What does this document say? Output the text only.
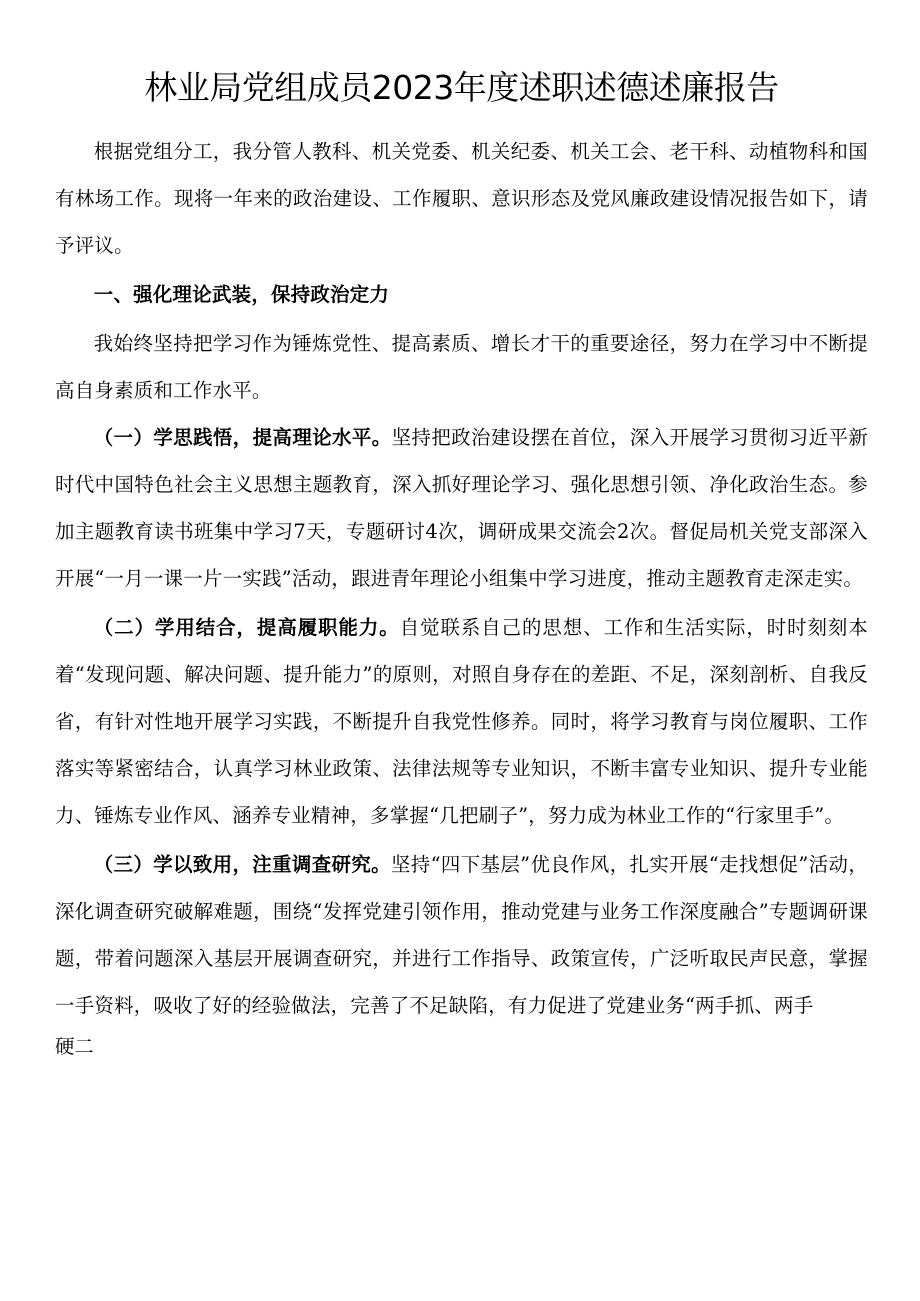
林业局党组成员2023年度述职述德述廉报告

根据党组分工，我分管人教科、机关党委、机关纪委、机关工会、老干科、动植物科和国有林场工作。现将一年来的政治建设、工作履职、意识形态及党风廉政建设情况报告如下，请予评议。

一、强化理论武装，保持政治定力

我始终坚持把学习作为锤炼党性、提高素质、增长才干的重要途径，努力在学习中不断提高自身素质和工作水平。

（一）学思践悟，提高理论水平。坚持把政治建设摆在首位，深入开展学习贯彻习近平新时代中国特色社会主义思想主题教育，深入抓好理论学习、强化思想引领、净化政治生态。参加主题教育读书班集中学习7天，专题研讨4次，调研成果交流会2次。督促局机关党支部深入开展“一月一课一片一实践”活动，跟进青年理论小组集中学习进度，推动主题教育走深走实。

（二）学用结合，提高履职能力。自觉联系自己的思想、工作和生活实际，时时刻刻本着“发现问题、解决问题、提升能力”的原则，对照自身存在的差距、不足，深刻剖析、自我反省，有针对性地开展学习实践，不断提升自我党性修养。同时，将学习教育与岗位履职、工作落实等紧密结合，认真学习林业政策、法律法规等专业知识，不断丰富专业知识、提升专业能力、锤炼专业作风、涵养专业精神，多掌握“几把刷子”，努力成为林业工作的“行家里手”。

（三）学以致用，注重调查研究。坚持“四下基层”优良作风，扎实开展“走找想促”活动，深化调查研究破解难题，围绕“发挥党建引领作用，推动党建与业务工作深度融合”专题调研课题，带着问题深入基层开展调查研究，并进行工作指导、政策宣传，广泛听取民声民意，掌握一手资料，吸收了好的经验做法，完善了不足缺陷，有力促进了党建业务“两手抓、两手

硬二
